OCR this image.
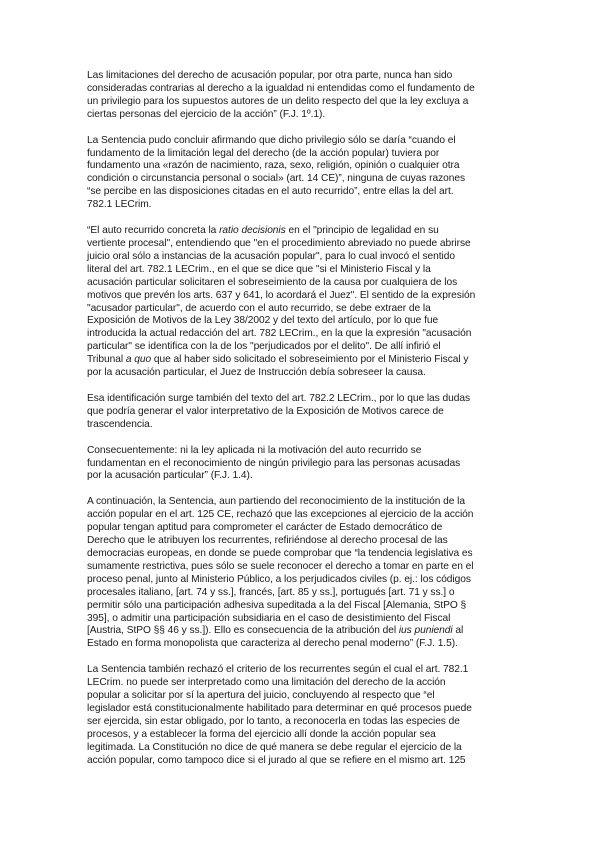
Las limitaciones del derecho de acusación popular, por otra parte, nunca han sido
consideradas contrarias al derecho a la igualdad ni entendidas como el fundamento de
un privilegio para los supuestos autores de un delito respecto del que la ley excluya a
ciertas personas del ejercicio de la acción” (F.J. 1º.1).

La Sentencia pudo concluir afirmando que dicho privilegio sólo se daría “cuando el
fundamento de la limitación legal del derecho (de la acción popular) tuviera por
fundamento una «razón de nacimiento, raza, sexo, religión, opinión o cualquier otra
condición o circunstancia personal o social» (art. 14 CE)”, ninguna de cuyas razones
“se percibe en las disposiciones citadas en el auto recurrido”, entre ellas la del art.
782.1 LECrim.

“El auto recurrido concreta la ratio decisionis en el "principio de legalidad en su
vertiente procesal", entendiendo que "en el procedimiento abreviado no puede abrirse
juicio oral sólo a instancias de la acusación popular", para lo cual invocó el sentido
literal del art. 782.1 LECrim., en el que se dice que "si el Ministerio Fiscal y la
acusación particular solicitaren el sobreseimiento de la causa por cualquiera de los
motivos que prevén los arts. 637 y 641, lo acordará el Juez". El sentido de la expresión
"acusador particular", de acuerdo con el auto recurrido, se debe extraer de la
Exposición de Motivos de la Ley 38/2002 y del texto del artículo, por lo que fue
introducida la actual redacción del art. 782 LECrim., en la que la expresión "acusación
particular" se identifica con la de los "perjudicados por el delito". De allí infirió el
Tribunal a quo que al haber sido solicitado el sobreseimiento por el Ministerio Fiscal y
por la acusación particular, el Juez de Instrucción debía sobreseer la causa.

Esa identificación surge también del texto del art. 782.2 LECrim., por lo que las dudas
que podría generar el valor interpretativo de la Exposición de Motivos carece de
trascendencia.

Consecuentemente: ni la ley aplicada ni la motivación del auto recurrido se
fundamentan en el reconocimiento de ningún privilegio para las personas acusadas
por la acusación particular” (F.J. 1.4).

A continuación, la Sentencia, aun partiendo del reconocimiento de la institución de la
acción popular en el art. 125 CE, rechazó que las excepciones al ejercicio de la acción
popular tengan aptitud para comprometer el carácter de Estado democrático de
Derecho que le atribuyen los recurrentes, refiriéndose al derecho procesal de las
democracias europeas, en donde se puede comprobar que “la tendencia legislativa es
sumamente restrictiva, pues sólo se suele reconocer el derecho a tomar en parte en el
proceso penal, junto al Ministerio Público, a los perjudicados civiles (p. ej.: los códigos
procesales italiano, [art. 74 y ss.], francés, [art. 85 y ss.], portugués [art. 71 y ss.] o
permitir sólo una participación adhesiva supeditada a la del Fiscal [Alemania, StPO §
395], o admitir una participación subsidiaria en el caso de desistimiento del Fiscal
[Austria, StPO §§ 46 y ss.]). Ello es consecuencia de la atribución del ius puniendi al
Estado en forma monopolista que caracteriza al derecho penal moderno” (F.J. 1.5).

La Sentencia también rechazó el criterio de los recurrentes según el cual el art. 782.1
LECrim. no puede ser interpretado como una limitación del derecho de la acción
popular a solicitar por sí la apertura del juicio, concluyendo al respecto que “el
legislador está constitucionalmente habilitado para determinar en qué procesos puede
ser ejercida, sin estar obligado, por lo tanto, a reconocerla en todas las especies de
procesos, y a establecer la forma del ejercicio allí donde la acción popular sea
legitimada. La Constitución no dice de qué manera se debe regular el ejercicio de la
acción popular, como tampoco dice si el jurado al que se refiere en el mismo art. 125
